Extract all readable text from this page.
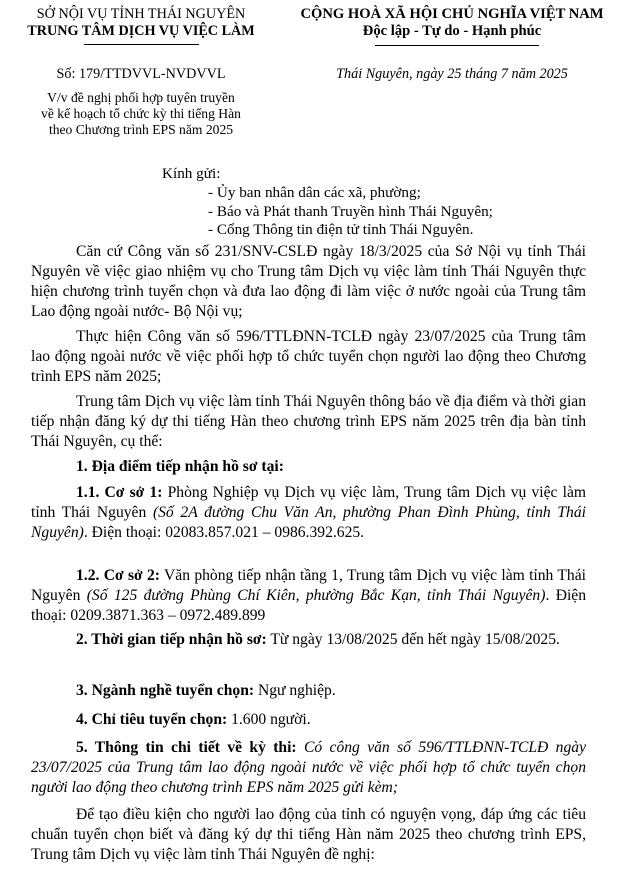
SỞ NỘI VỤ TỈNH THÁI NGUYÊN
TRUNG TÂM DỊCH VỤ VIỆC LÀM
CỘNG HOÀ XÃ HỘI CHỦ NGHĨA VIỆT NAM
Độc lập - Tự do - Hạnh phúc
Số: 179/TTDVVL-NVDVVL	Thái Nguyên, ngày 25 tháng 7 năm 2025
V/v đề nghị phối hợp tuyên truyền
về kế hoạch tổ chức kỳ thi tiếng Hàn
theo Chương trình EPS năm 2025
Kính gửi:
- Ủy ban nhân dân các xã, phường;
- Báo và Phát thanh Truyền hình Thái Nguyên;
- Cổng Thông tin điện tử tỉnh Thái Nguyên.
Căn cứ Công văn số 231/SNV-CSLĐ ngày 18/3/2025 của Sở Nội vụ tỉnh Thái Nguyên về việc giao nhiệm vụ cho Trung tâm Dịch vụ việc làm tỉnh Thái Nguyên thực hiện chương trình tuyển chọn và đưa lao động đi làm việc ở nước ngoài của Trung tâm Lao động ngoài nước- Bộ Nội vụ;
Thực hiện Công văn số 596/TTLĐNN-TCLĐ ngày 23/07/2025 của Trung tâm lao động ngoài nước về việc phối hợp tổ chức tuyển chọn người lao động theo Chương trình EPS năm 2025;
Trung tâm Dịch vụ việc làm tỉnh Thái Nguyên thông báo về địa điểm và thời gian tiếp nhận đăng ký dự thi tiếng Hàn theo chương trình EPS năm 2025 trên địa bàn tỉnh Thái Nguyên, cụ thể:
1. Địa điểm tiếp nhận hồ sơ tại:
1.1. Cơ sở 1: Phòng Nghiệp vụ Dịch vụ việc làm, Trung tâm Dịch vụ việc làm tỉnh Thái Nguyên (Số 2A đường Chu Văn An, phường Phan Đình Phùng, tỉnh Thái Nguyên). Điện thoại: 02083.857.021 – 0986.392.625.
1.2. Cơ sở 2: Văn phòng tiếp nhận tầng 1, Trung tâm Dịch vụ việc làm tỉnh Thái Nguyên (Số 125 đường Phùng Chí Kiên, phường Bắc Kạn, tỉnh Thái Nguyên). Điện thoại: 0209.3871.363 – 0972.489.899
2. Thời gian tiếp nhận hồ sơ: Từ ngày 13/08/2025 đến hết ngày 15/08/2025.
3. Ngành nghề tuyển chọn: Ngư nghiệp.
4. Chỉ tiêu tuyển chọn: 1.600 người.
5. Thông tin chi tiết về kỳ thi: Có công văn số 596/TTLĐNN-TCLĐ ngày 23/07/2025 của Trung tâm lao động ngoài nước về việc phối hợp tổ chức tuyển chọn người lao động theo chương trình EPS năm 2025 gửi kèm;
Để tạo điều kiện cho người lao động của tỉnh có nguyện vọng, đáp ứng các tiêu chuẩn tuyển chọn biết và đăng ký dự thi tiếng Hàn năm 2025 theo chương trình EPS, Trung tâm Dịch vụ việc làm tỉnh Thái Nguyên đề nghị:
